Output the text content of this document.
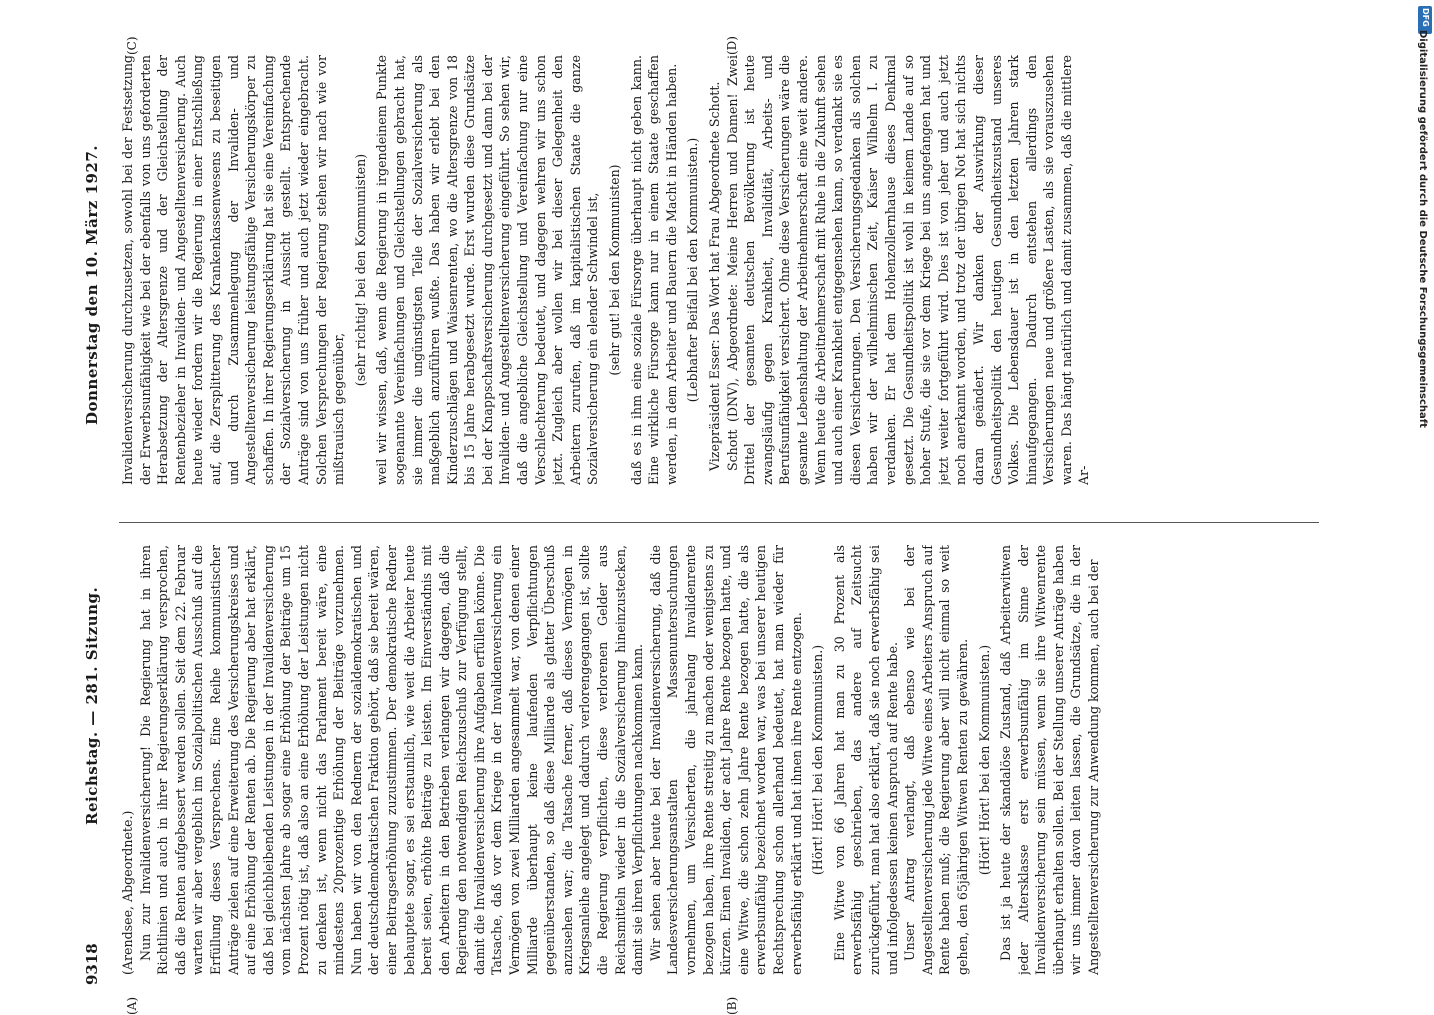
9318
Reichstag. — 281. Sitzung.
Donnerstag den 10. März 1927.

(Arendsee, Abgeordnete.) Nun zur Invalidenversicherung! Die Regierung hat in ihren Richtlinien und auch in ihrer Regierungserklärung versprochen, daß die Renten aufgebessert werden sollen. Seit dem 22. Februar warten wir aber vergeblich im Sozialpolitischen Ausschuß auf die Erfüllung dieses Versprechens. Eine Reihe kommunistischer Anträge zielen auf eine Erweiterung des Versicherungskreises und auf eine Erhöhung der Renten ab. Die Regierung aber hat erklärt, daß bei gleichbleibenden Leistungen in der Invalidenversicherung vom nächsten Jahre ab sogar eine Erhöhung der Beiträge um 15 Prozent nötig ist, daß also an eine Erhöhung der Leistungen nicht zu denken ist, wenn nicht das Parlament bereit wäre, eine mindestens 20prozentige Erhöhung der Beiträge vorzunehmen. Nun haben wir von den Rednern der sozialdemokratischen und der deutschdemokratischen Fraktion gehört, daß sie bereit wären, einer Beitragserhöhung zuzustimmen. Der demokratische Redner behauptete sogar, es sei erstaunlich, wie weit die Arbeiter heute bereit seien, erhöhte Beiträge zu leisten. Im Einverständnis mit den Arbeitern in den Betrieben verlangen wir dagegen, daß die Regierung den notwendigen Reichszuschuß zur Verfügung stellt, damit die Invalidenversicherung ihre Aufgaben erfüllen könne. Die Tatsache, daß vor dem Kriege in der Invalidenversicherung ein Vermögen von zwei Milliarden angesammelt war, von denen einer Milliarde überhaupt keine laufenden Verpflichtungen gegenüberstanden, so daß diese Milliarde als glatter Überschuß anzusehen war; die Tatsache ferner, daß dieses Vermögen in Kriegsanleihe angelegt und dadurch verlorengegangen ist, sollte die Regierung verpflichten, diese verlorenen Gelder aus Reichsmitteln wieder in die Sozialversicherung hineinzustecken, damit sie ihren Verpflichtungen nachkommen kann. Wir sehen aber heute bei der Invalidenversicherung, daß die Landesversicherungsanstalten Massenuntersuchungen vornehmen, um Versicherten, die jahrelang Invalidenrente bezogen haben, ihre Rente streitig zu machen oder wenigstens zu kürzen. Einen Invaliden, der acht Jahre Rente bezogen hatte, und eine Witwe, die schon zehn Jahre Rente bezogen hatte, die als erwerbsunfähig bezeichnet worden war, was bei unserer heutigen Rechtsprechung schon allerhand bedeutet, hat man wieder für erwerbsfähig erklärt und hat ihnen ihre Rente entzogen. (Hört! Hört! bei den Kommunisten.) Eine Witwe von 66 Jahren hat man zu 30 Prozent als erwerbsfähig geschrieben, das andere auf Zeitsucht zurückgeführt, man hat also erklärt, daß sie noch erwerbsfähig sei und infolgedessen keinen Anspruch auf Rente habe. Unser Antrag verlangt, daß ebenso wie bei der Angestelltenversicherung jede Witwe eines Arbeiters Anspruch auf Rente haben muß; die Regierung aber will nicht einmal so weit gehen, den 65jährigen Witwen Renten zu gewähren. (Hört! Hört! bei den Kommunisten.) Das ist ja heute der skandalöse Zustand, daß Arbeiterwitwen jeder Altersklasse erst erwerbsunfähig im Sinne der Invalidenversicherung sein müssen, wenn sie ihre Witwenrente überhaupt erhalten sollen. Bei der Stellung unserer Anträge haben wir uns immer davon leiten lassen, die Grundsätze, die in der Angestelltenversicherung zur Anwendung kommen, auch bei der

Invalidenversicherung durchzusetzen, sowohl bei der Festsetzung der Erwerbsunfähigkeit wie bei der ebenfalls von uns geforderten Herabsetzung der Altersgrenze und der Gleichstellung der Rentenbezieher in Invaliden- und Angestelltenversicherung. Auch heute wieder fordern wir die Regierung in einer Entschließung auf, die Zersplitterung des Krankenkassenwesens zu beseitigen und durch Zusammenlegung der Invaliden- und Angestelltenversicherung leistungsfähige Versicherungskörper zu schaffen. In ihrer Regierungserklärung hat sie eine Vereinfachung der Sozialversicherung in Aussicht gestellt. Entsprechende Anträge sind von uns früher und auch jetzt wieder eingebracht. Solchen Versprechungen der Regierung stehen wir nach wie vor mißtrauisch gegenüber,

(sehr richtig! bei den Kommunisten) weil wir wissen, daß, wenn die Regierung in irgendeinem Punkte sogenannte Vereinfachungen und Gleichstellungen gebracht hat, sie immer die ungünstigsten Teile der Sozialversicherung als maßgeblich anzuführen wußte. Das haben wir erlebt bei den Kinderzuschlägen und Waisenrenten, wo die Altersgrenze von 18 bis 15 Jahre herabgesetzt wurde. Erst wurden diese Grundsätze bei der Knappschaftsversicherung durchgesetzt und dann bei der Invaliden- und Angestelltenversicherung eingeführt. So sehen wir, daß die angebliche Gleichstellung und Vereinfachung nur eine Verschlechterung bedeutet, und dagegen wehren wir uns schon jetzt. Zugleich aber wollen wir bei dieser Gelegenheit den Arbeitern zurufen, daß im kapitalistischen Staate die ganze Sozialversicherung ein elender Schwindel ist, (sehr gut! bei den Kommunisten) daß es in ihm eine soziale Fürsorge überhaupt nicht geben kann. Eine wirkliche Fürsorge kann nur in einem Staate geschaffen werden, in dem Arbeiter und Bauern die Macht in Händen haben. (Lebhafter Beifall bei den Kommunisten.) Vizepräsident Esser: Das Wort hat Frau Abgeordnete Schott. Schott (DNV), Abgeordnete: Meine Herren und Damen! Zwei Drittel der gesamten deutschen Bevölkerung ist heute zwangsläufig gegen Krankheit, Invalidität, Arbeits- und Berufsunfähigkeit versichert. Ohne diese Versicherungen wäre die gesamte Lebenshaltung der Arbeitnehmerschaft eine weit andere. Wenn heute die Arbeitnehmerschaft mit Ruhe in die Zukunft sehen und auch einer Krankheit entgegensehen kann, so verdankt sie es diesen Versicherungen. Den Versicherungsgedanken als solchen haben wir der wilhelminischen Zeit, Kaiser Wilhelm I. zu verdanken. Er hat dem Hohenzollernhause dieses Denkmal gesetzt. Die Gesundheitspolitik ist wohl in keinem Lande auf so hoher Stufe, die sie vor dem Kriege bei uns angefangen hat und jetzt weiter fortgeführt wird. Dies ist von jeher und auch jetzt noch anerkannt worden, und trotz der übrigen Not hat sich nichts daran geändert. Wir danken der Auswirkung dieser Gesundheitspolitik den heutigen Gesundheitszustand unseres Volkes. Die Lebensdauer ist in den letzten Jahren stark hinaufgegangen. Dadurch entstehen allerdings den Versicherungen neue und größere Lasten, als sie vorauszusehen waren. Das hängt natürlich und damit zusammen, daß die mittlere Ar-

(A)	(B)
(C)	(D)
DFG
Digitalisierung gefördert durch die Deutsche Forschungsgemeinschaft
